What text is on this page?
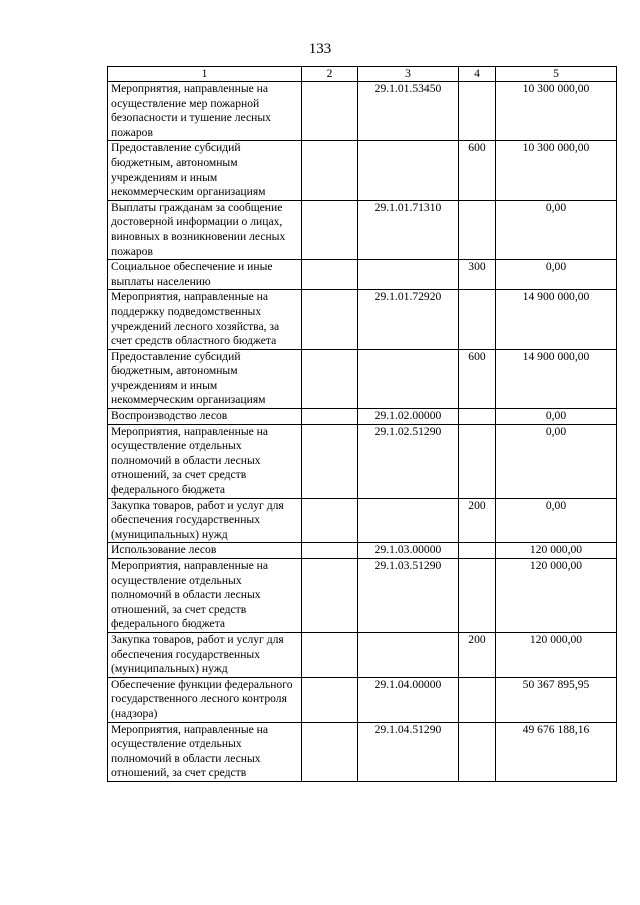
133
1	2	3	4	5
Мероприятия, направленные на осуществление мер пожарной безопасности и тушение лесных пожаров		29.1.01.53450		10 300 000,00
Предоставление субсидий бюджетным, автономным учреждениям и иным некоммерческим организациям			600	10 300 000,00
Выплаты гражданам за сообщение достоверной информации о лицах, виновных в возникновении лесных пожаров		29.1.01.71310		0,00
Социальное обеспечение и иные выплаты населению			300	0,00
Мероприятия, направленные на поддержку подведомственных учреждений лесного хозяйства, за счет средств областного бюджета		29.1.01.72920		14 900 000,00
Предоставление субсидий бюджетным, автономным учреждениям и иным некоммерческим организациям			600	14 900 000,00
Воспроизводство лесов		29.1.02.00000		0,00
Мероприятия, направленные на осуществление отдельных полномочий в области лесных отношений, за счет средств федерального бюджета		29.1.02.51290		0,00
Закупка товаров, работ и услуг для обеспечения государственных (муниципальных) нужд			200	0,00
Использование лесов		29.1.03.00000		120 000,00
Мероприятия, направленные на осуществление отдельных полномочий в области лесных отношений, за счет средств федерального бюджета		29.1.03.51290		120 000,00
Закупка товаров, работ и услуг для обеспечения государственных (муниципальных) нужд			200	120 000,00
Обеспечение функции федерального государственного лесного контроля (надзора)		29.1.04.00000		50 367 895,95
Мероприятия, направленные на осуществление отдельных полномочий в области лесных отношений, за счет средств		29.1.04.51290		49 676 188,16
